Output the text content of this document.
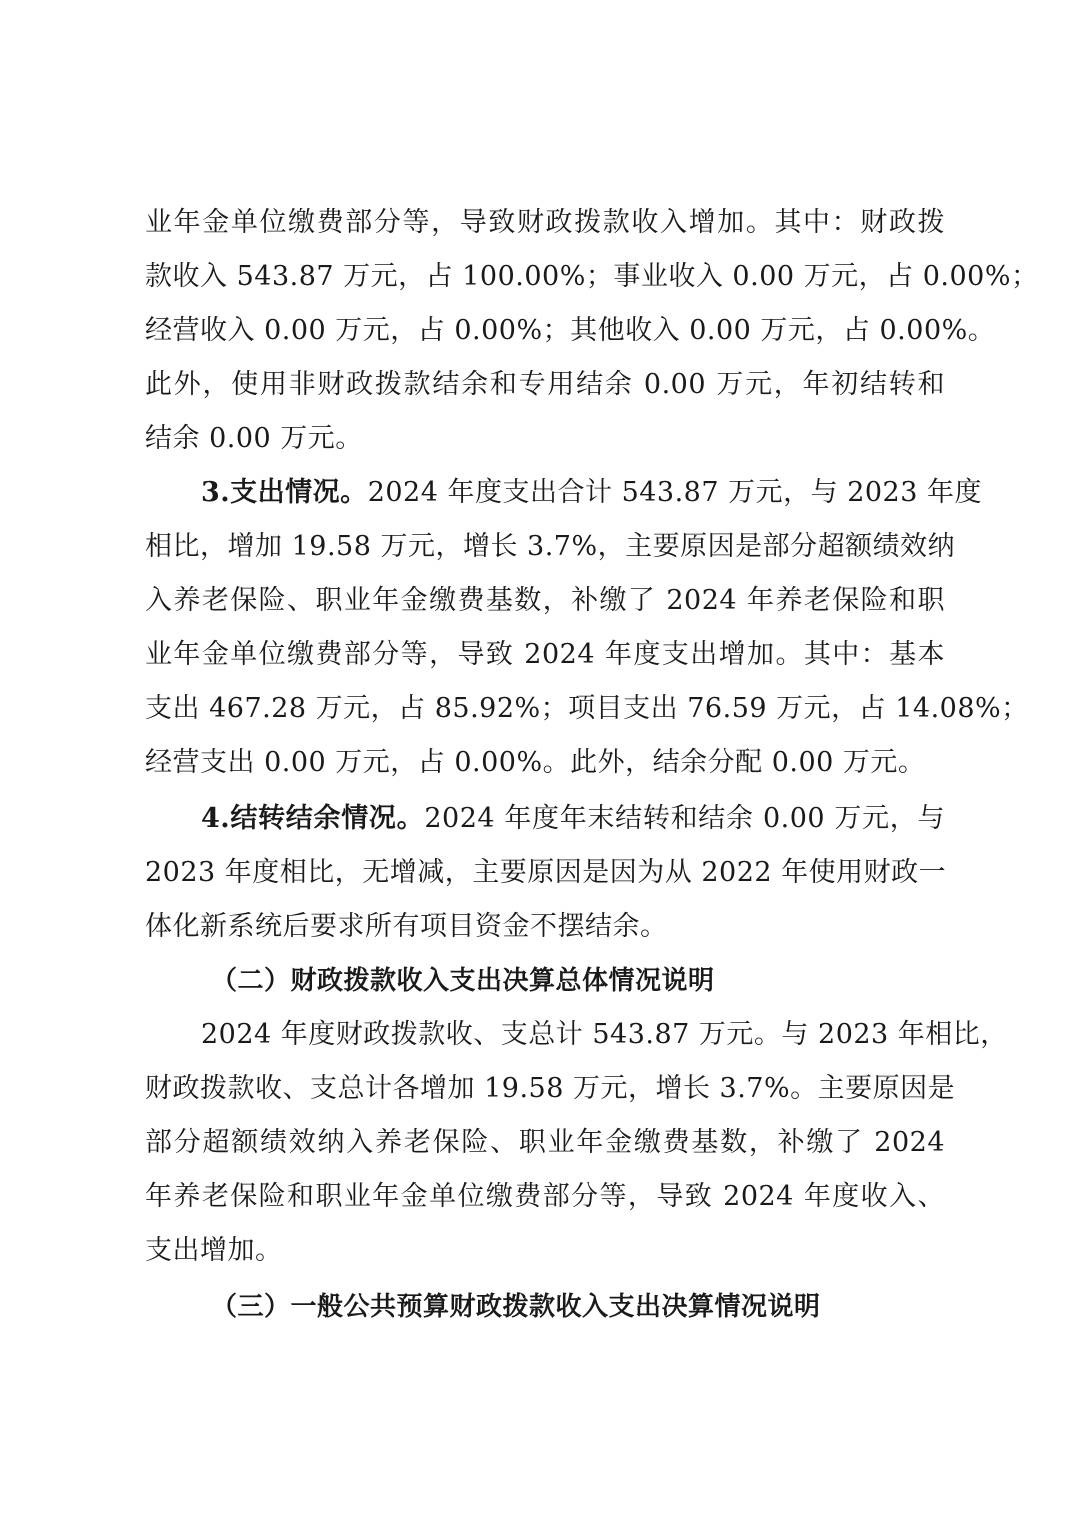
业年金单位缴费部分等，导致财政拨款收入增加。其中：财政拨
款收入 543.87 万元，占 100.00%；事业收入 0.00 万元，占 0.00%；
经营收入 0.00 万元，占 0.00%；其他收入 0.00 万元，占 0.00%。
此外，使用非财政拨款结余和专用结余 0.00 万元，年初结转和
结余 0.00 万元。
3.支出情况。2024 年度支出合计 543.87 万元，与 2023 年度
相比，增加 19.58 万元，增长 3.7%，主要原因是部分超额绩效纳
入养老保险、职业年金缴费基数，补缴了 2024 年养老保险和职
业年金单位缴费部分等，导致 2024 年度支出增加。其中：基本
支出 467.28 万元，占 85.92%；项目支出 76.59 万元，占 14.08%；
经营支出 0.00 万元，占 0.00%。此外，结余分配 0.00 万元。
4.结转结余情况。2024 年度年末结转和结余 0.00 万元，与
2023 年度相比，无增减，主要原因是因为从 2022 年使用财政一
体化新系统后要求所有项目资金不摆结余。
（二）财政拨款收入支出决算总体情况说明
2024 年度财政拨款收、支总计 543.87 万元。与 2023 年相比，
财政拨款收、支总计各增加 19.58 万元，增长 3.7%。主要原因是
部分超额绩效纳入养老保险、职业年金缴费基数，补缴了 2024
年养老保险和职业年金单位缴费部分等，导致 2024 年度收入、
支出增加。
（三）一般公共预算财政拨款收入支出决算情况说明
